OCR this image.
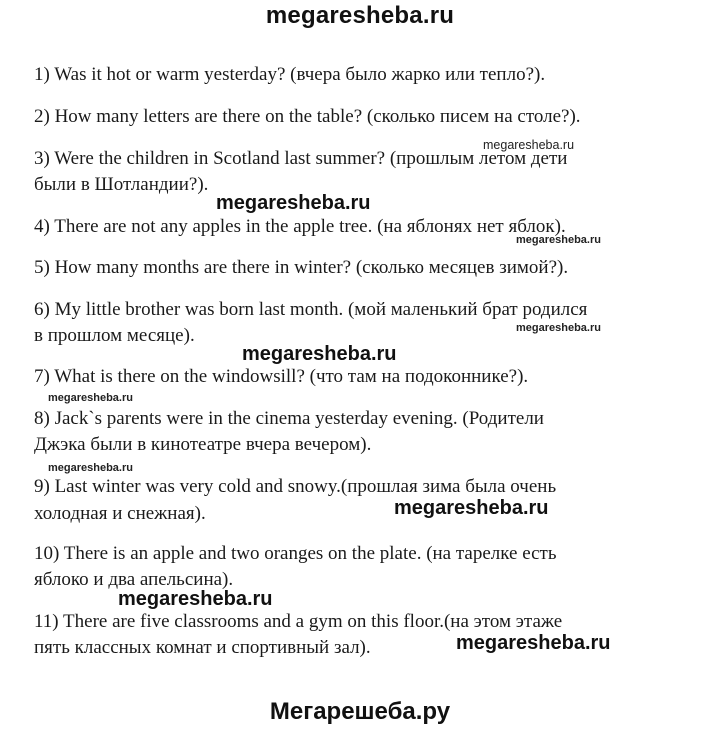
megaresheba.ru
1) Was it hot or warm yesterday? (вчера было жарко или тепло?).
2) How many letters are there on the table? (сколько писем на столе?).
3) Were the children in Scotland last summer? (прошлым летом дети
были в Шотландии?).
4) There are not any apples in the apple tree. (на яблонях нет яблок).
5) How many months are there in winter? (сколько месяцев зимой?).
6) My little brother was born last month. (мой маленький брат родился
в прошлом месяце).
7) What is there on the windowsill? (что там на подоконнике?).
8) Jack`s parents were in the cinema yesterday evening. (Родители
Джэка были в кинотеатре вчера вечером).
9) Last winter was very cold and snowy.(прошлая зима была очень
холодная и снежная).
10) There is an apple and two oranges on the plate. (на тарелке есть
яблоко и два апельсина).
11) There are five classrooms and a gym on this floor.(на этом этаже
пять классных комнат и спортивный зал).
megaresheba.ru
megaresheba.ru
megaresheba.ru
megaresheba.ru
megaresheba.ru
megaresheba.ru
megaresheba.ru
megaresheba.ru
megaresheba.ru
megaresheba.ru
Мегарешеба.ру
